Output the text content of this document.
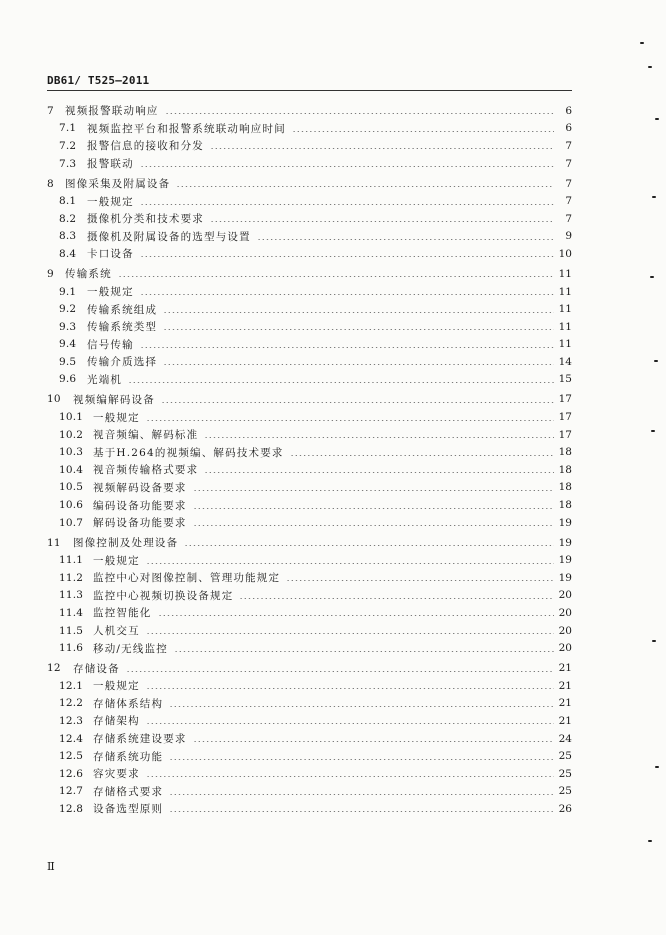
DB61/ T525—2011
7	视频报警联动响应	6
7.1	视频监控平台和报警系统联动响应时间	6
7.2	报警信息的接收和分发	7
7.3	报警联动	7
8	图像采集及附属设备	7
8.1	一般规定	7
8.2	摄像机分类和技术要求	7
8.3	摄像机及附属设备的选型与设置	9
8.4	卡口设备	10
9	传输系统	11
9.1	一般规定	11
9.2	传输系统组成	11
9.3	传输系统类型	11
9.4	信号传输	11
9.5	传输介质选择	14
9.6	光端机	15
10	视频编解码设备	17
10.1 一般规定	17
10.2 视音频编、解码标准	17
10.3 基于H.264的视频编、解码技术要求	18
10.4 视音频传输格式要求	18
10.5 视频解码设备要求	18
10.6 编码设备功能要求	18
10.7 解码设备功能要求	19
11	图像控制及处理设备	19
11.1 一般规定	19
11.2 监控中心对图像控制、管理功能规定	19
11.3 监控中心视频切换设备规定	20
11.4 监控智能化	20
11.5 人机交互	20
11.6 移动/无线监控	20
12	存储设备	21
12.1 一般规定	21
12.2 存储体系结构	21
12.3 存储架构	21
12.4 存储系统建设要求	24
12.5 存储系统功能	25
12.6 容灾要求	25
12.7 存储格式要求	25
12.8 设备选型原则	26
II
